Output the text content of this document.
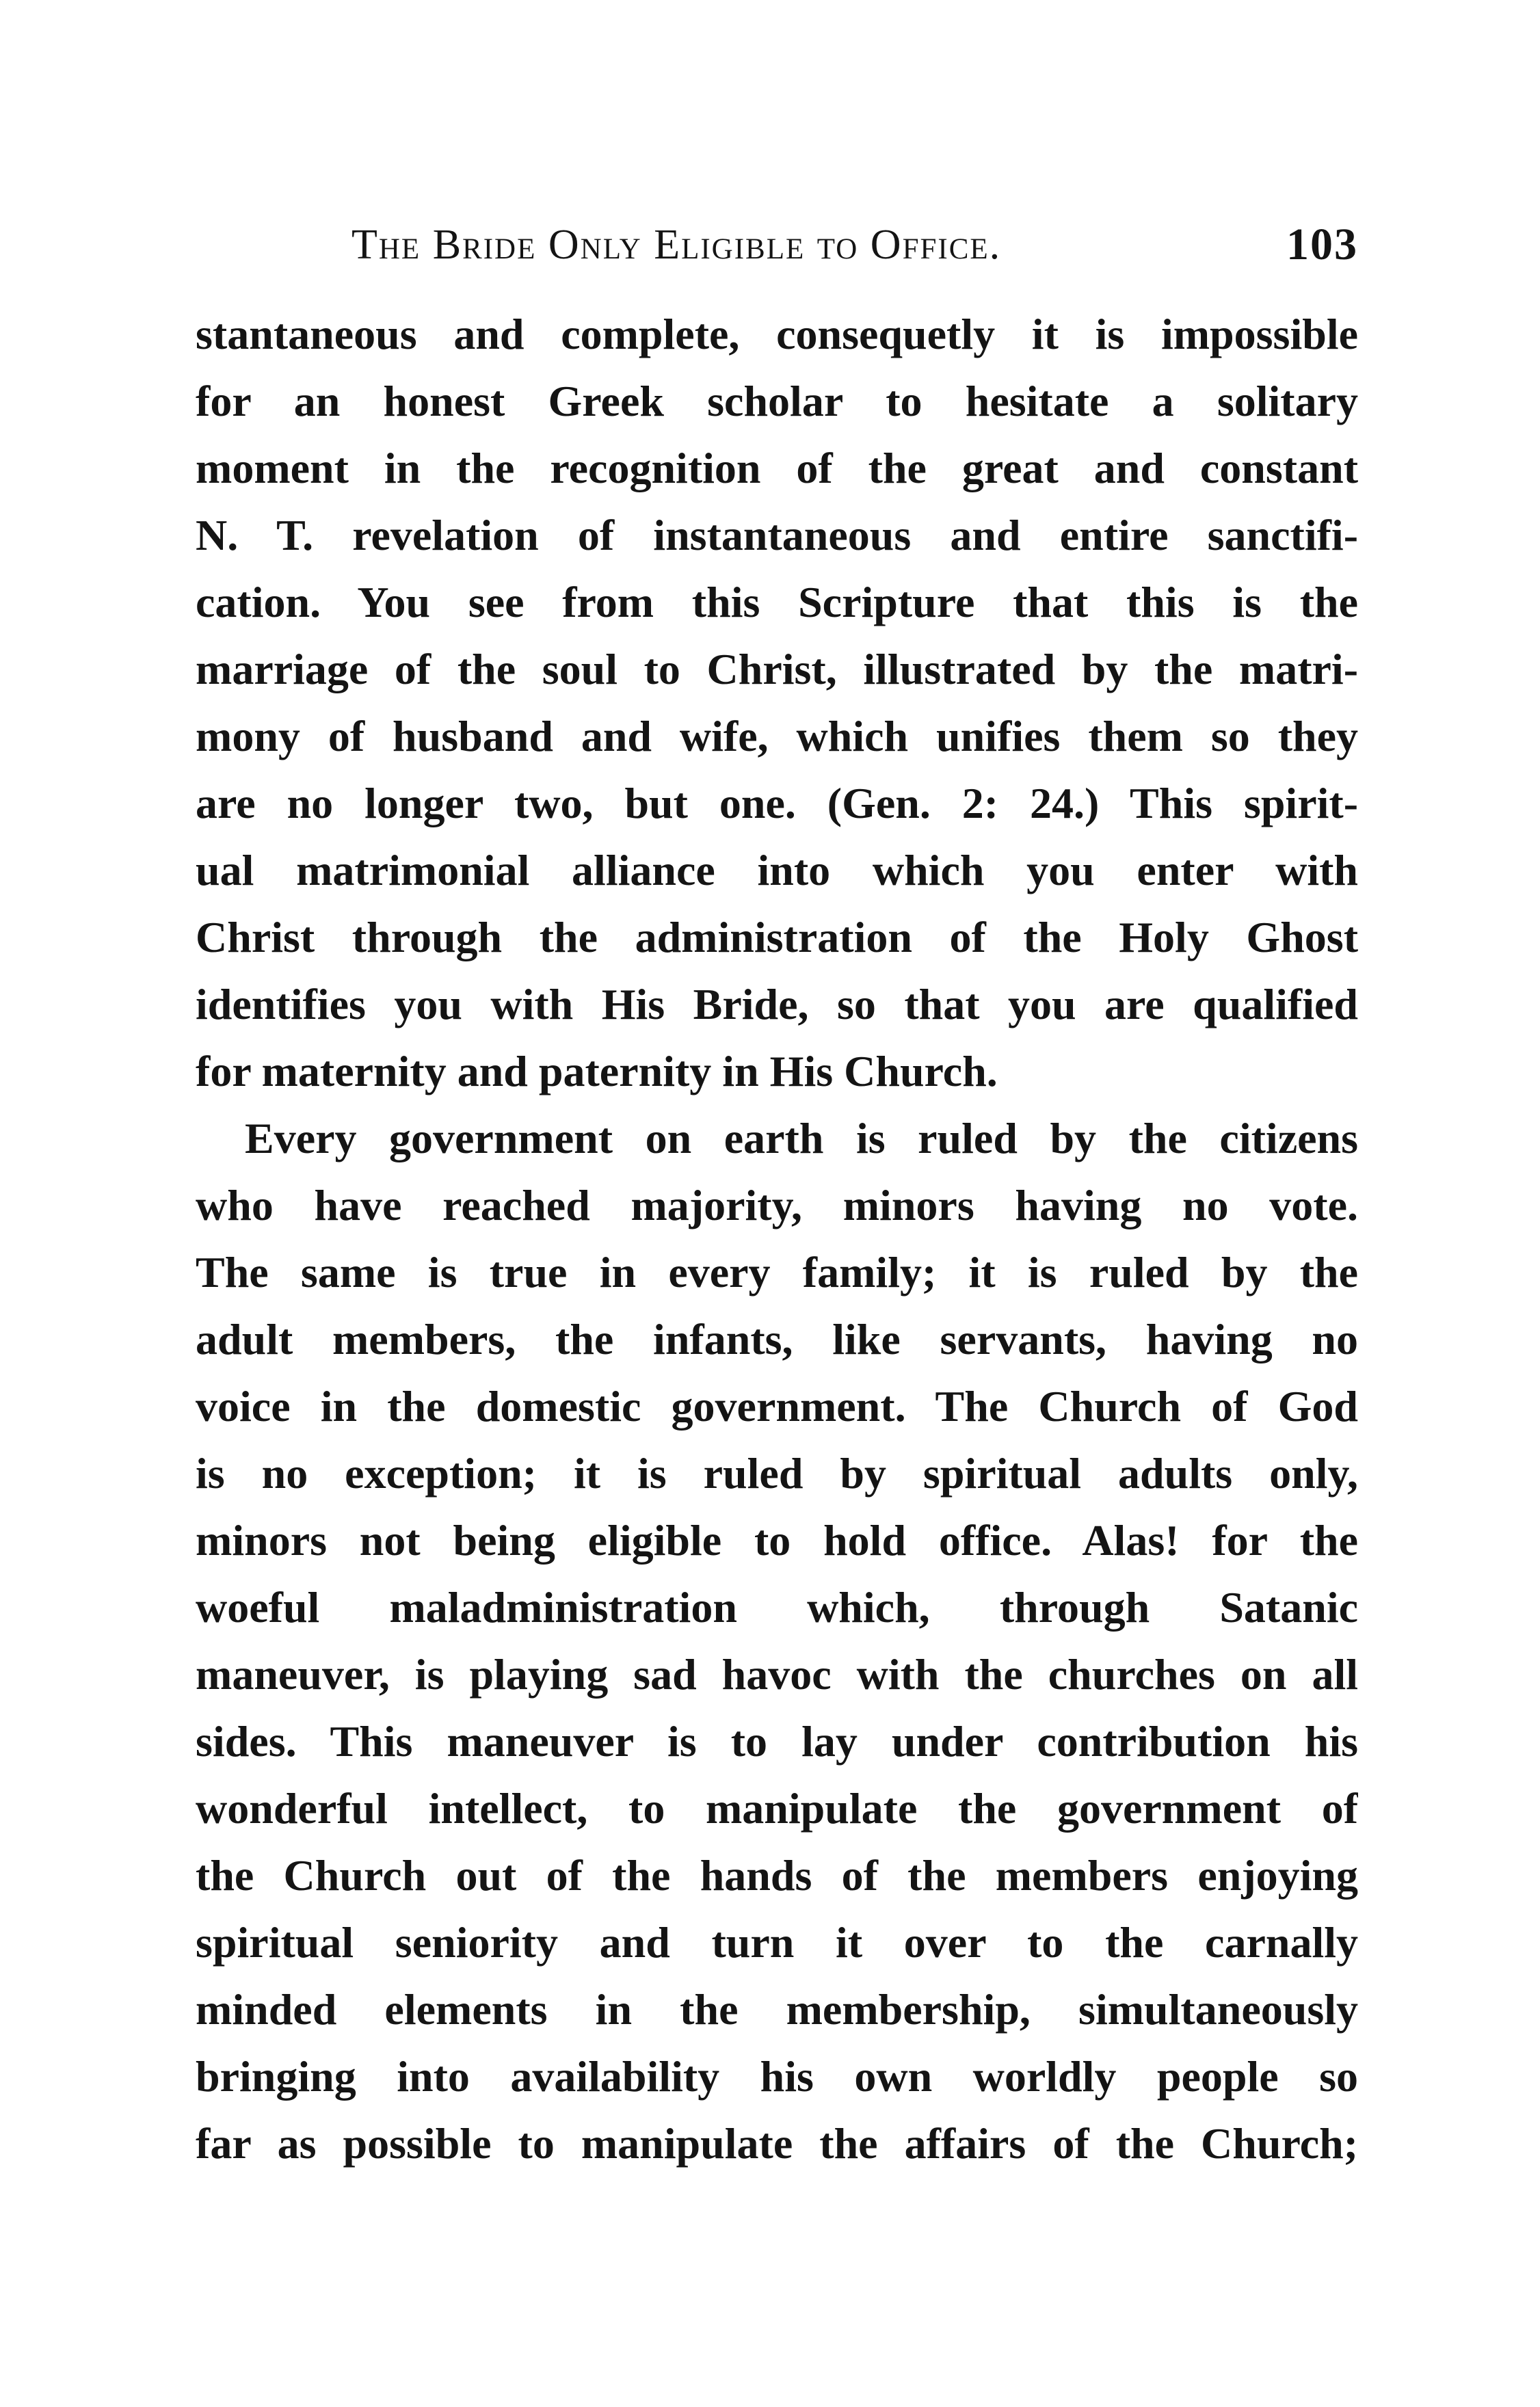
The Bride Only Eligible to Office.	103
stantaneous and complete, consequetly it is impossible
for an honest Greek scholar to hesitate a solitary
moment in the recognition of the great and constant
N. T. revelation of instantaneous and entire sanctifi-
cation. You see from this Scripture that this is the
marriage of the soul to Christ, illustrated by the matri-
mony of husband and wife, which unifies them so they
are no longer two, but one. (Gen. 2: 24.) This spirit-
ual matrimonial alliance into which you enter with
Christ through the administration of the Holy Ghost
identifies you with His Bride, so that you are qualified
for maternity and paternity in His Church.
Every government on earth is ruled by the citizens
who have reached majority, minors having no vote.
The same is true in every family; it is ruled by the
adult members, the infants, like servants, having no
voice in the domestic government. The Church of God
is no exception; it is ruled by spiritual adults only,
minors not being eligible to hold office. Alas! for the
woeful maladministration which, through Satanic
maneuver, is playing sad havoc with the churches on all
sides. This maneuver is to lay under contribution his
wonderful intellect, to manipulate the government of
the Church out of the hands of the members enjoying
spiritual seniority and turn it over to the carnally
minded elements in the membership, simultaneously
bringing into availability his own worldly people so
far as possible to manipulate the affairs of the Church;
